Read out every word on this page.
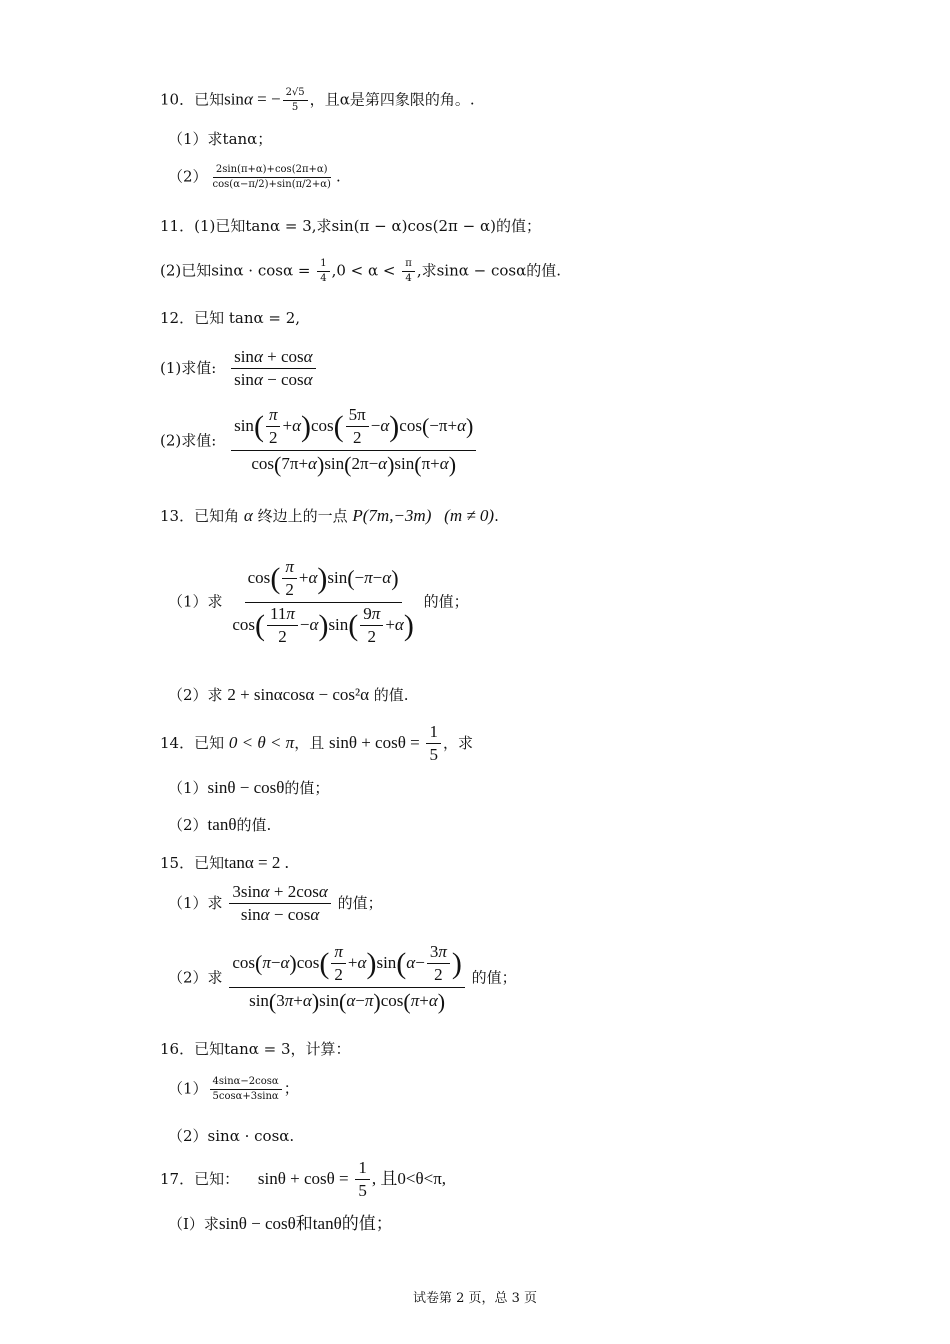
10．已知sinα = − $\frac{2√5}{5}$ ，且α是第四象限的角。.
（1）求tanα；
$(2) \frac{2\sin(\pi+\alpha)+\cos(2\pi+\alpha)}{\cos(\alpha-\pi/2)+\sin(\pi/2+\alpha)}$ .
11．(1)已知tanα = 3,求sin(π − α)cos(2π − α)的值；
(2)已知$\sin\alpha \cdot \cos\alpha = \frac{1}{4} ,0 < \alpha < \frac{\pi}{4}$ ,求sinα − cosα的值.
12．已知 tanα = 2,
(1)求值: $\frac{\sin\alpha + \cos\alpha}{\sin\alpha - \cos\alpha}$
(2)求值: $\frac{\sin( \frac{\pi}{2} +\alpha)\cos( \frac{5\pi}{2} -\alpha)\cos(-\pi+\alpha)}{\cos(7\pi+\alpha)\sin(2\pi-\alpha)\sin(\pi+\alpha)}$
13．已知角 α 终边上的一点 P(7m,−3m) (m ≠ 0).
（1）求 $\frac{\cos( \frac{\pi}{2} +\alpha)\sin(-\pi-\alpha)}{\cos( \frac{11\pi}{2} -\alpha)\sin( \frac{9\pi}{2} +\alpha)}$ 的值；
（2）求 2 + sinαcosα − cos²α 的值.
14．已知 0 < θ < π，且 $\sin\theta + \cos\theta = \frac{1}{5}$ ，求
（1）sinθ − cosθ的值；
（2）tanθ的值.
15．已知tanα = 2 .
（1）求 $\frac{3\sin\alpha + 2\cos\alpha}{\sin\alpha - \cos\alpha}$ 的值；
（2）求 $\frac{\cos(\pi-\alpha)\cos( \frac{\pi}{2} +\alpha)\sin(\alpha- \frac{3\pi}{2} )}{\sin(3\pi+\alpha)\sin(\alpha-\pi)\cos(\pi+\alpha)}$ 的值；
16．已知tanα = 3，计算：
$(1) \frac{4\sin\alpha-2\cos\alpha}{5\cos\alpha+3\sin\alpha}$ ；
（2）sinα · cosα.
17．已知： $\sin\theta + \cos\theta = \frac{1}{5}$ , 且0<θ<π,
（Ⅰ）求sinθ − cosθ和tanθ的值；
试卷第 2 页，总 3 页
